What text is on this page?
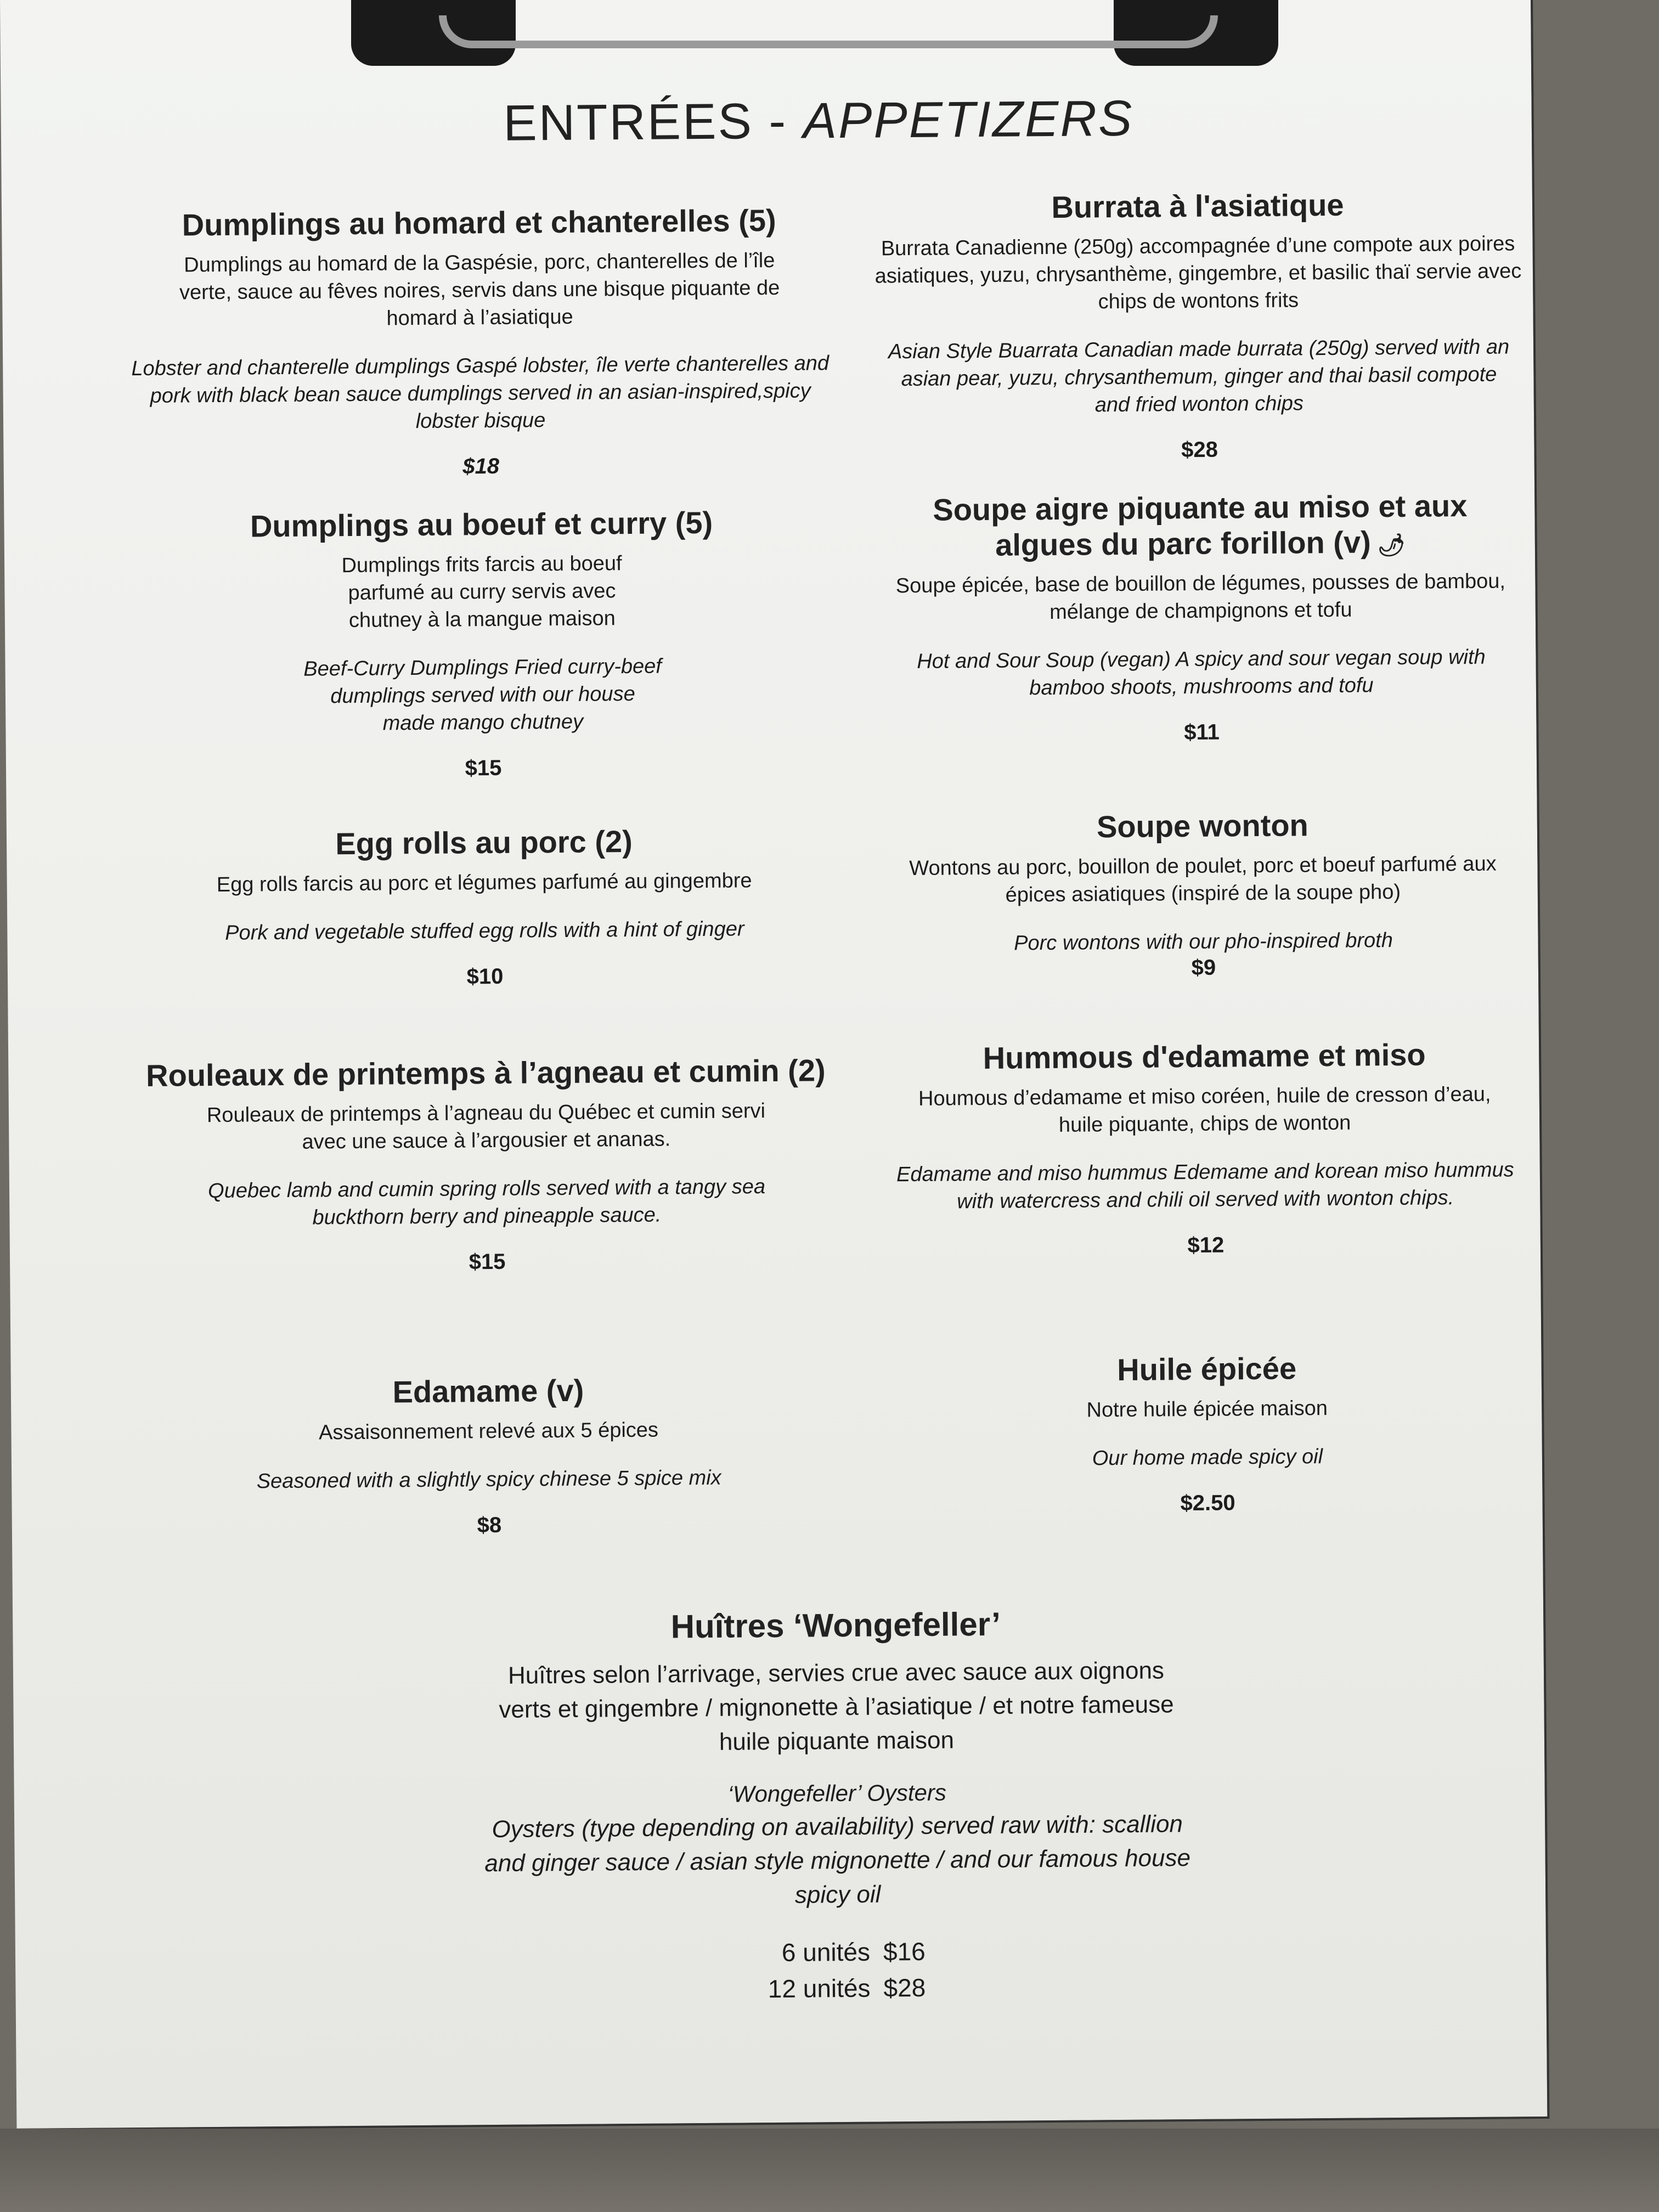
ENTRÉES - APPETIZERS
Dumplings au homard et chanterelles (5)
Dumplings au homard de la Gaspésie, porc, chanterelles de l’île verte, sauce au fêves noires, servis dans une bisque piquante de homard à l’asiatique
Lobster and chanterelle dumplings Gaspé lobster, île verte chanterelles and pork with black bean sauce dumplings served in an asian-inspired,spicy lobster bisque
$18
Burrata à l'asiatique
Burrata Canadienne (250g) accompagnée d’une compote aux poires asiatiques, yuzu, chrysanthème, gingembre, et basilic thaï servie avec chips de wontons frits
Asian Style Buarrata Canadian made burrata (250g) served with an asian pear, yuzu, chrysanthemum, ginger and thai basil compote and fried wonton chips
$28
Dumplings au boeuf et curry (5)
Dumplings frits farcis au boeuf parfumé au curry servis avec chutney à la mangue maison
Beef-Curry Dumplings Fried curry-beef dumplings served with our house made mango chutney
$15
Soupe aigre piquante au miso et aux algues du parc forillon (v) 🌶
Soupe épicée, base de bouillon de légumes, pousses de bambou, mélange de champignons et tofu
Hot and Sour Soup (vegan) A spicy and sour vegan soup with bamboo shoots, mushrooms and tofu
$11
Egg rolls au porc (2)
Egg rolls farcis au porc et légumes parfumé au gingembre
Pork and vegetable stuffed egg rolls with a hint of ginger
$10
Soupe wonton
Wontons au porc, bouillon de poulet, porc et boeuf parfumé aux épices asiatiques (inspiré de la soupe pho)
Porc wontons with our pho-inspired broth
$9
Rouleaux de printemps à l’agneau et cumin (2)
Rouleaux de printemps à l’agneau du Québec et cumin servi avec une sauce à l’argousier et ananas.
Quebec lamb and cumin spring rolls served with a tangy sea buckthorn berry and pineapple sauce.
$15
Hummous d'edamame et miso
Houmous d’edamame et miso coréen, huile de cresson d’eau, huile piquante, chips de wonton
Edamame and miso hummus Edemame and korean miso hummus with watercress and chili oil served with wonton chips.
$12
Edamame (v)
Assaisonnement relevé aux 5 épices
Seasoned with a slightly spicy chinese 5 spice mix
$8
Huile épicée
Notre huile épicée maison
Our home made spicy oil
$2.50
Huîtres ‘Wongefeller’
Huîtres selon l’arrivage, servies crue avec sauce aux oignons verts et gingembre / mignonette à l’asiatique / et notre fameuse huile piquante maison
‘Wongefeller’ Oysters
Oysters (type depending on availability) served raw with: scallion and ginger sauce / asian style mignonette / and our famous house spicy oil
6 unités $16
12 unités $28
